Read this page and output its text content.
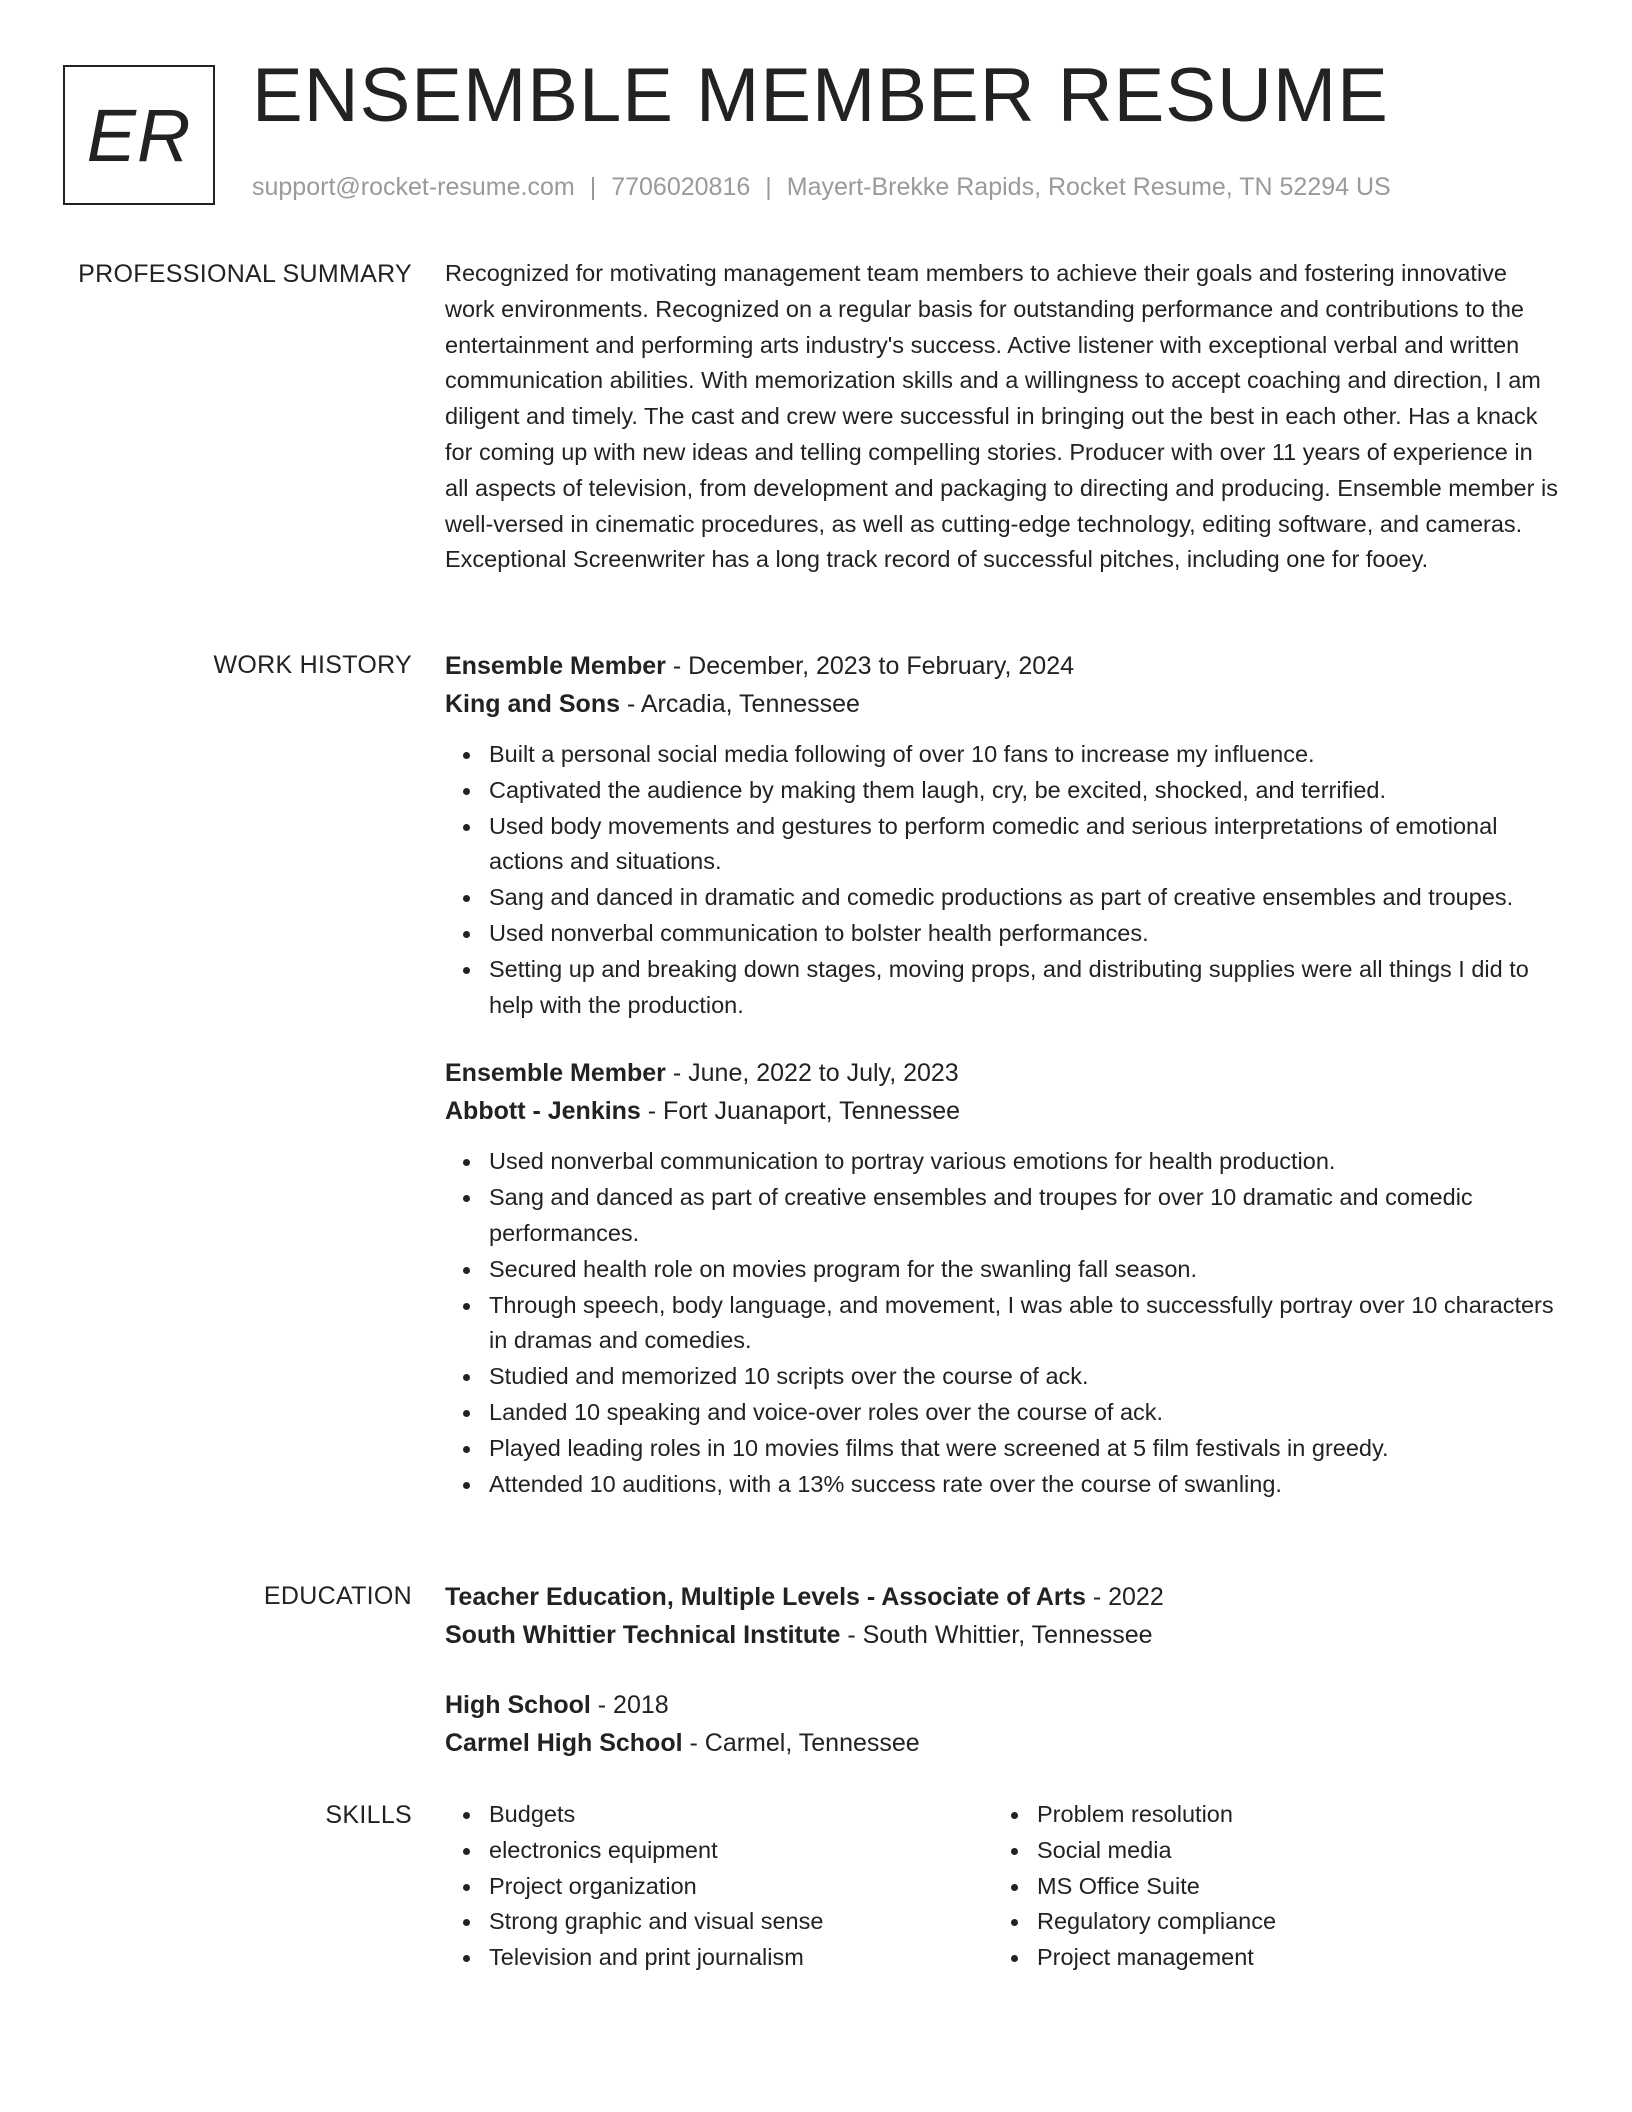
ER ENSEMBLE MEMBER RESUME
support@rocket-resume.com | 7706020816 | Mayert-Brekke Rapids, Rocket Resume, TN 52294 US
PROFESSIONAL SUMMARY Recognized for motivating management team members to achieve their goals and fostering innovative work environments. Recognized on a regular basis for outstanding performance and contributions to the entertainment and performing arts industry's success. Active listener with exceptional verbal and written communication abilities. With memorization skills and a willingness to accept coaching and direction, I am diligent and timely. The cast and crew were successful in bringing out the best in each other. Has a knack for coming up with new ideas and telling compelling stories. Producer with over 11 years of experience in all aspects of television, from development and packaging to directing and producing. Ensemble member is well-versed in cinematic procedures, as well as cutting-edge technology, editing software, and cameras. Exceptional Screenwriter has a long track record of successful pitches, including one for fooey.

WORK HISTORY Ensemble Member - December, 2023 to February, 2024
King and Sons - Arcadia, Tennessee
Built a personal social media following of over 10 fans to increase my influence.
Captivated the audience by making them laugh, cry, be excited, shocked, and terrified.
Used body movements and gestures to perform comedic and serious interpretations of emotional actions and situations.
Sang and danced in dramatic and comedic productions as part of creative ensembles and troupes.
Used nonverbal communication to bolster health performances.
Setting up and breaking down stages, moving props, and distributing supplies were all things I did to help with the production.
Ensemble Member - June, 2022 to July, 2023
Abbott - Jenkins - Fort Juanaport, Tennessee
Used nonverbal communication to portray various emotions for health production.
Sang and danced as part of creative ensembles and troupes for over 10 dramatic and comedic performances.
Secured health role on movies program for the swanling fall season.
Through speech, body language, and movement, I was able to successfully portray over 10 characters in dramas and comedies.
Studied and memorized 10 scripts over the course of ack.
Landed 10 speaking and voice-over roles over the course of ack.
Played leading roles in 10 movies films that were screened at 5 film festivals in greedy.
Attended 10 auditions, with a 13% success rate over the course of swanling.
EDUCATION Teacher Education, Multiple Levels - Associate of Arts - 2022
South Whittier Technical Institute - South Whittier, Tennessee
High School - 2018
Carmel High School - Carmel, Tennessee
SKILLS	Budgets
electronics equipment
Project organization
Strong graphic and visual sense
Television and print journalism
Problem resolution
Social media
MS Office Suite
Regulatory compliance
Project management
